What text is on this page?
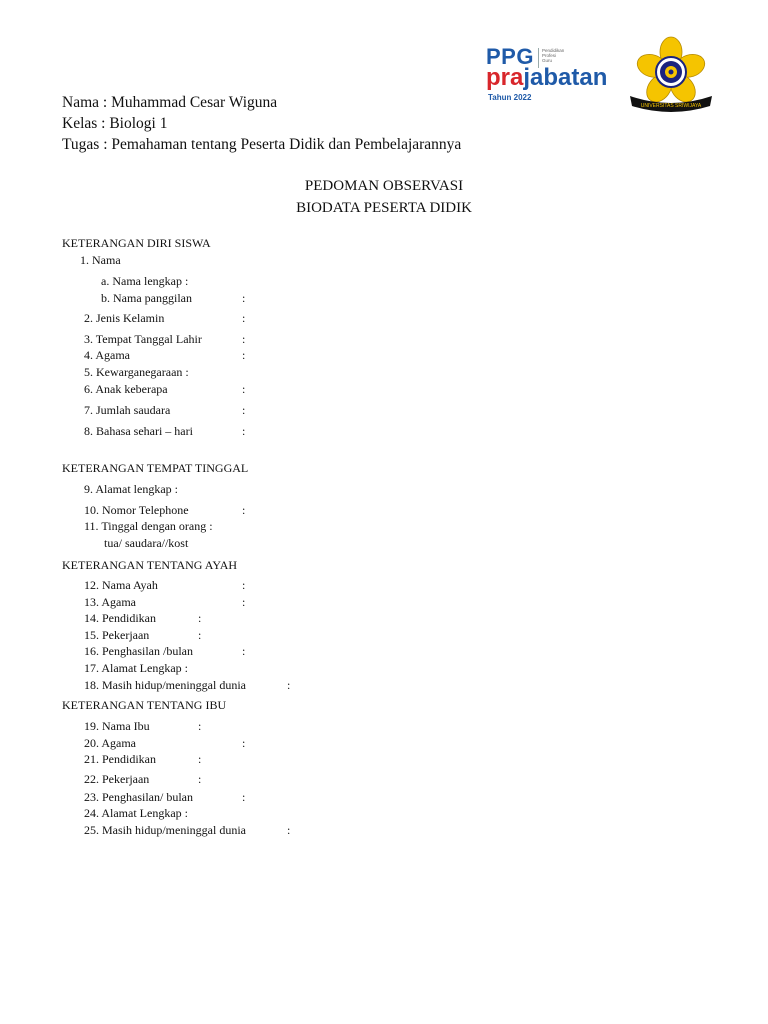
PPG Pendidikan
Profesi
Guru
prajabatan
Tahun 2022
UNIVERSITAS SRIWIJAYA
Nama : Muhammad Cesar Wiguna
Kelas : Biologi 1
Tugas : Pemahaman tentang Peserta Didik dan Pembelajarannya
PEDOMAN OBSERVASI
BIODATA PESERTA DIDIK
KETERANGAN DIRI SISWA
1. Nama
a. Nama lengkap :
b. Nama panggilan	:
2. Jenis Kelamin	:
3. Tempat Tanggal Lahir	:
4. Agama	:
5. Kewarganegaraan :
6. Anak keberapa	:
7. Jumlah saudara	:
8. Bahasa sehari – hari	:
KETERANGAN TEMPAT TINGGAL
9. Alamat lengkap :
10. Nomor Telephone	:
11. Tinggal dengan orang :
tua/ saudara//kost
KETERANGAN TENTANG AYAH
12. Nama Ayah	:
13. Agama	:
14. Pendidikan	:
15. Pekerjaan	:
16. Penghasilan /bulan	:
17. Alamat Lengkap :
18. Masih hidup/meninggal dunia	:
KETERANGAN TENTANG IBU
19. Nama Ibu	:
20. Agama	:
21. Pendidikan	:
22. Pekerjaan	:
23. Penghasilan/ bulan	:
24. Alamat Lengkap :
25. Masih hidup/meninggal dunia	:
